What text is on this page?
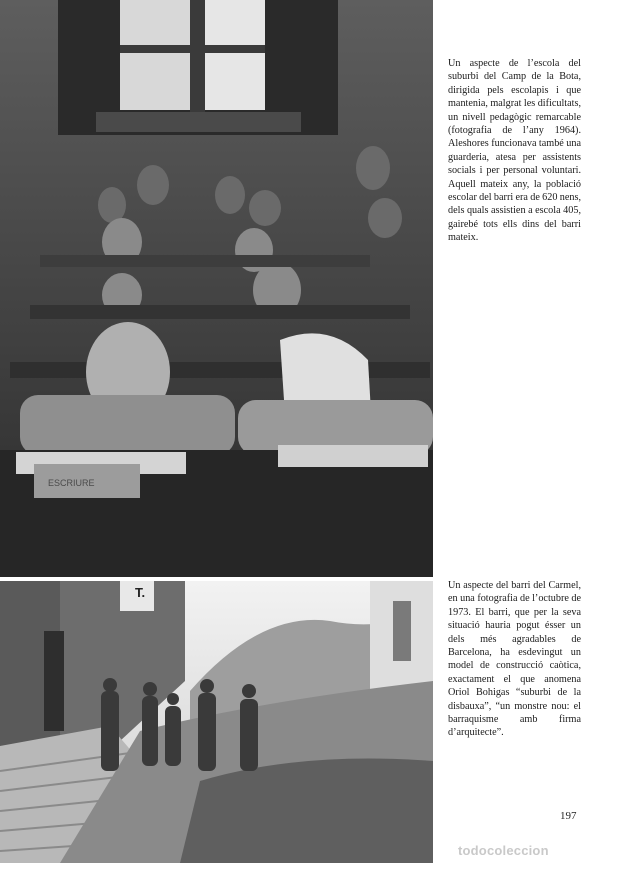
ESCRIURE
T.

Un aspecte de l’escola del suburbi del Camp de la Bota, dirigida pels escolapis i que mantenia, malgrat les dificultats, un nivell pedagògic remarcable (fotografia de l’any 1964). Aleshores funcionava també una guarderia, atesa per assistents socials i per personal voluntari. Aquell mateix any, la població escolar del barri era de 620 nens, dels quals assistien a escola 405, gairebé tots ells dins del barri mateix.

Un aspecte del barri del Carmel, en una fotografia de l’octubre de 1973. El barri, que per la seva situació hauria pogut ésser un dels més agradables de Barcelona, ha esdevingut un model de construcció caòtica, exactament el que anomena Oriol Bohigas “suburbi de la disbauxa”, “un monstre nou: el barraquisme amb firma d’arquitecte”.

197
todocoleccion
